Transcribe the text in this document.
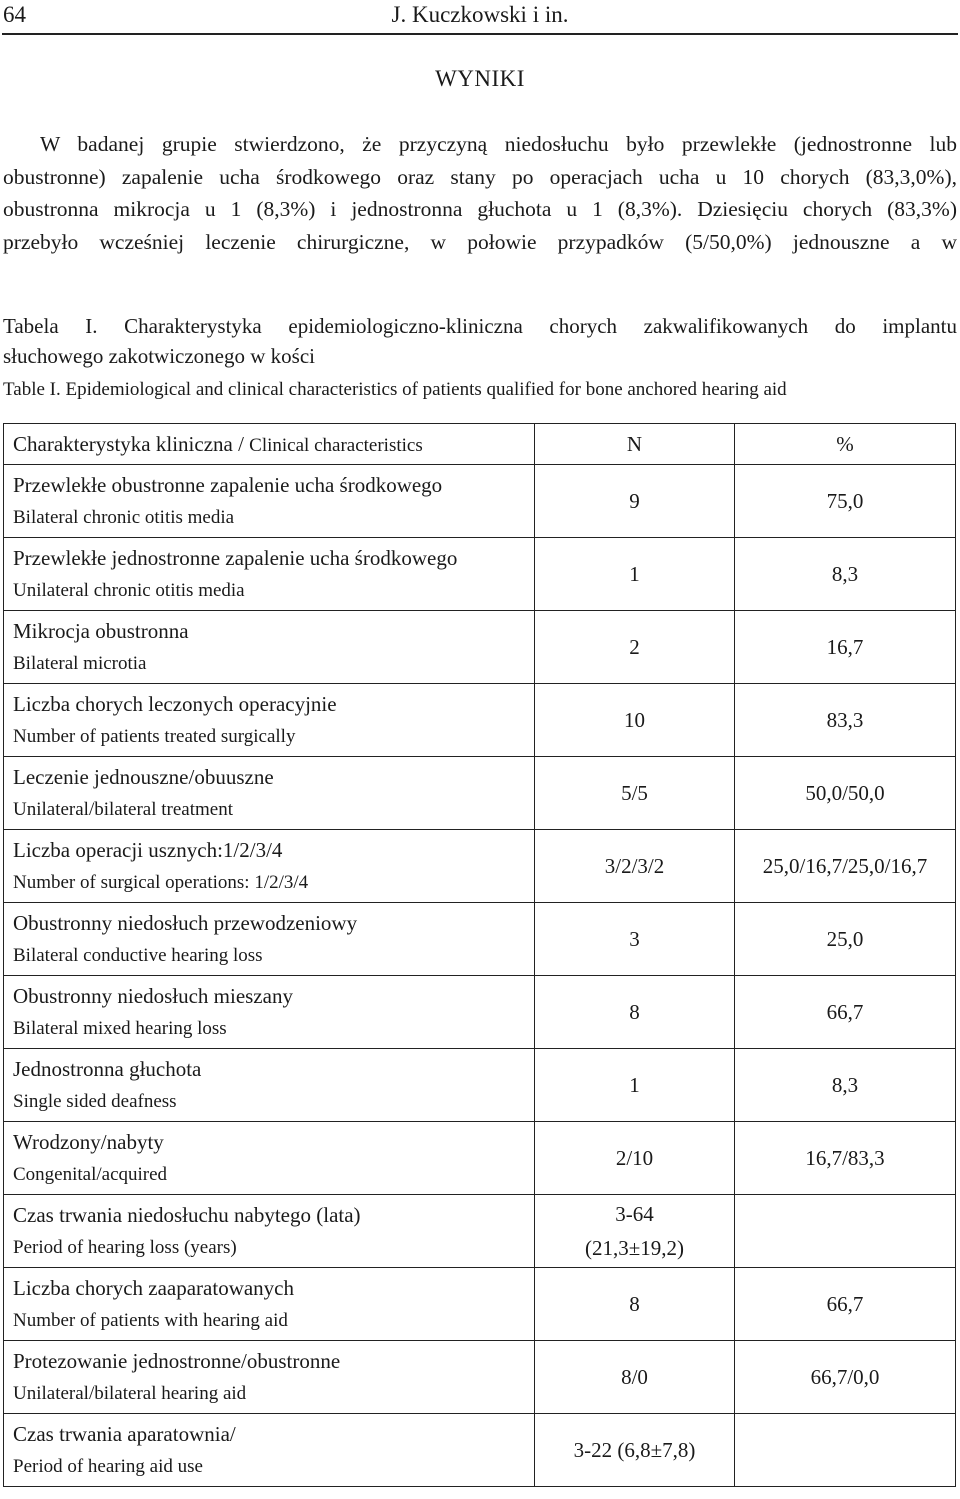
64	J. Kuczkowski i in.
WYNIKI
W badanej grupie stwierdzono, że przyczyną niedosłuchu było przewlekłe (jednostronne lub
obustronne) zapalenie ucha środkowego oraz stany po operacjach ucha u 10 chorych (83,3,0%),
obustronna mikrocja u 1 (8,3%) i jednostronna głuchota u 1 (8,3%). Dziesięciu chorych (83,3%)
przebyło wcześniej leczenie chirurgiczne, w połowie przypadków (5/50,0%) jednouszne a w
Tabela I. Charakterystyka epidemiologiczno-kliniczna chorych zakwalifikowanych do implantu
słuchowego zakotwiczonego w kości
Table I. Epidemiological and clinical characteristics of patients qualified for bone anchored hearing aid
Charakterystyka kliniczna / Clinical characteristics	N	%

Przewlekłe obustronne zapalenie ucha środkowego
Bilateral chronic otitis media	9	75,0

Przewlekłe jednostronne zapalenie ucha środkowego
Unilateral chronic otitis media	1	8,3

Mikrocja obustronna
Bilateral microtia	2	16,7

Liczba chorych leczonych operacyjnie
Number of patients treated surgically	10	83,3

Leczenie jednouszne/obuuszne
Unilateral/bilateral treatment	5/5	50,0/50,0

Liczba operacji usznych:1/2/3/4
Number of surgical operations: 1/2/3/4	3/2/3/2	25,0/16,7/25,0/16,7

Obustronny niedosłuch przewodzeniowy
Bilateral conductive hearing loss	3	25,0

Obustronny niedosłuch mieszany
Bilateral mixed hearing loss	8	66,7

Jednostronna głuchota
Single sided deafness	1	8,3

Wrodzony/nabyty
Congenital/acquired	2/10	16,7/83,3

Czas trwania niedosłuchu nabytego (lata)
Period of hearing loss (years)	3-64
(21,3±19,2)	

Liczba chorych zaaparatowanych
Number of patients with hearing aid	8	66,7

Protezowanie jednostronne/obustronne
Unilateral/bilateral hearing aid	8/0	66,7/0,0

Czas trwania aparatownia/
Period of hearing aid use	3-22 (6,8±7,8)	
